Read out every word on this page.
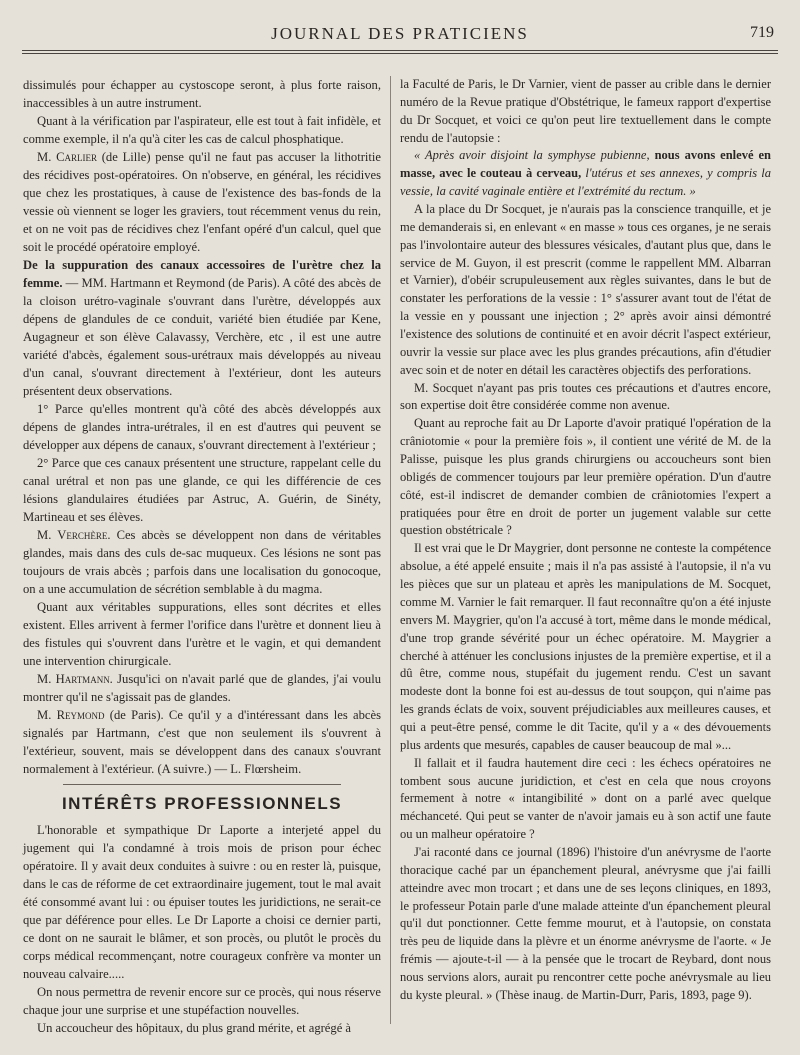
JOURNAL DES PRATICIENS	719

dissimulés pour échapper au cystoscope seront, à plus forte raison, inaccessibles à un autre instrument.

Quant à la vérification par l'aspirateur, elle est tout à fait infidèle, et comme exemple, il n'a qu'à citer les cas de calcul phosphatique.

M. Carlier (de Lille) pense qu'il ne faut pas accuser la lithotritie des récidives post-opératoires. On n'observe, en général, les récidives que chez les prostatiques, à cause de l'existence des bas-fonds de la vessie où viennent se loger les graviers, tout récemment venus du rein, et on ne voit pas de récidives chez l'enfant opéré d'un calcul, quel que soit le procédé opératoire employé.

De la suppuration des canaux accessoires de l'urètre chez la femme. — MM. Hartmann et Reymond (de Paris). A côté des abcès de la cloison urétro-vaginale s'ouvrant dans l'urètre, développés aux dépens de glandules de ce conduit, variété bien étudiée par Kene, Augagneur et son élève Calavassy, Verchère, etc , il est une autre variété d'abcès, également sous-urétraux mais développés au niveau d'un canal, s'ouvrant directement à l'extérieur, dont les auteurs présentent deux observations.

1° Parce qu'elles montrent qu'à côté des abcès développés aux dépens de glandes intra-urétrales, il en est d'autres qui peuvent se développer aux dépens de canaux, s'ouvrant directement à l'extérieur ;

2° Parce que ces canaux présentent une structure, rappelant celle du canal urétral et non pas une glande, ce qui les différencie de ces lésions glandulaires étudiées par Astruc, A. Guérin, de Sinéty, Martineau et ses élèves.

M. Verchère. Ces abcès se développent non dans de véritables glandes, mais dans des culs de-sac muqueux. Ces lésions ne sont pas toujours de vrais abcès ; parfois dans une localisation du gonocoque, on a une accumulation de sécrétion semblable à du magma.

Quant aux véritables suppurations, elles sont décrites et elles existent. Elles arrivent à fermer l'orifice dans l'urètre et donnent lieu à des fistules qui s'ouvrent dans l'urètre et le vagin, et qui demandent une intervention chirurgicale.

M. Hartmann. Jusqu'ici on n'avait parlé que de glandes, j'ai voulu montrer qu'il ne s'agissait pas de glandes.

M. Reymond (de Paris). Ce qu'il y a d'intéressant dans les abcès signalés par Hartmann, c'est que non seulement ils s'ouvrent à l'extérieur, souvent, mais se développent dans des canaux s'ouvrant normalement à l'extérieur. (A suivre.) — L. Flœrsheim.

INTÉRÊTS PROFESSIONNELS

L'honorable et sympathique Dr Laporte a interjeté appel du jugement qui l'a condamné à trois mois de prison pour échec opératoire. Il y avait deux conduites à suivre : ou en rester là, puisque, dans le cas de réforme de cet extraordinaire jugement, tout le mal avait été consommé avant lui : ou épuiser toutes les juridictions, ne serait-ce que par déférence pour elles. Le Dr Laporte a choisi ce dernier parti, ce dont on ne saurait le blâmer, et son procès, ou plutôt le procès du corps médical recommençant, notre courageux confrère va monter un nouveau calvaire.....

On nous permettra de revenir encore sur ce procès, qui nous réserve chaque jour une surprise et une stupéfaction nouvelles.

Un accoucheur des hôpitaux, du plus grand mérite, et agrégé à

la Faculté de Paris, le Dr Varnier, vient de passer au crible dans le dernier numéro de la Revue pratique d'Obstétrique, le fameux rapport d'expertise du Dr Socquet, et voici ce qu'on peut lire textuellement dans le compte rendu de l'autopsie :

« Après avoir disjoint la symphyse pubienne, nous avons enlevé en masse, avec le couteau à cerveau, l'utérus et ses annexes, y compris la vessie, la cavité vaginale entière et l'extrémité du rectum. »

A la place du Dr Socquet, je n'aurais pas la conscience tranquille, et je me demanderais si, en enlevant « en masse » tous ces organes, je ne serais pas l'involontaire auteur des blessures vésicales, d'autant plus que, dans le service de M. Guyon, il est prescrit (comme le rappellent MM. Albarran et Varnier), d'obéir scrupuleusement aux règles suivantes, dans le but de constater les perforations de la vessie : 1° s'assurer avant tout de l'état de la vessie en y poussant une injection ; 2° après avoir ainsi démontré l'existence des solutions de continuité et en avoir décrit l'aspect extérieur, ouvrir la vessie sur place avec les plus grandes précautions, afin d'étudier avec soin et de noter en détail les caractères objectifs des perforations.

M. Socquet n'ayant pas pris toutes ces précautions et d'autres encore, son expertise doit être considérée comme non avenue.

Quant au reproche fait au Dr Laporte d'avoir pratiqué l'opération de la crâniotomie « pour la première fois », il contient une vérité de M. de la Palisse, puisque les plus grands chirurgiens ou accoucheurs sont bien obligés de commencer toujours par leur première opération. D'un d'autre côté, est-il indiscret de demander combien de crâniotomies l'expert a pratiquées pour être en droit de porter un jugement valable sur cette question obstétricale ?

Il est vrai que le Dr Maygrier, dont personne ne conteste la compétence absolue, a été appelé ensuite ; mais il n'a pas assisté à l'autopsie, il n'a vu les pièces que sur un plateau et après les manipulations de M. Socquet, comme M. Varnier le fait remarquer. Il faut reconnaître qu'on a été injuste envers M. Maygrier, qu'on l'a accusé à tort, même dans le monde médical, d'une trop grande sévérité pour un échec opératoire. M. Maygrier a cherché à atténuer les conclusions injustes de la première expertise, et il a dû être, comme nous, stupéfait du jugement rendu. C'est un savant modeste dont la bonne foi est au-dessus de tout soupçon, qui n'aime pas les grands éclats de voix, souvent préjudiciables aux meilleures causes, et qui a peut-être pensé, comme le dit Tacite, qu'il y a « des dévouements plus ardents que mesurés, capables de causer beaucoup de mal »...

Il fallait et il faudra hautement dire ceci : les échecs opératoires ne tombent sous aucune juridiction, et c'est en cela que nous croyons fermement à notre « intangibilité » dont on a parlé avec quelque méchanceté. Qui peut se vanter de n'avoir jamais eu à son actif une faute ou un malheur opératoire ?

J'ai raconté dans ce journal (1896) l'histoire d'un anévrysme de l'aorte thoracique caché par un épanchement pleural, anévrysme que j'ai failli atteindre avec mon trocart ; et dans une de ses leçons cliniques, en 1893, le professeur Potain parle d'une malade atteinte d'un épanchement pleural qu'il dut ponctionner. Cette femme mourut, et à l'autopsie, on constata très peu de liquide dans la plèvre et un énorme anévrysme de l'aorte. « Je frémis — ajoute-t-il — à la pensée que le trocart de Reybard, dont nous nous servions alors, aurait pu rencontrer cette poche anévrysmale au lieu du kyste pleural. » (Thèse inaug. de Martin-Durr, Paris, 1893, page 9).
